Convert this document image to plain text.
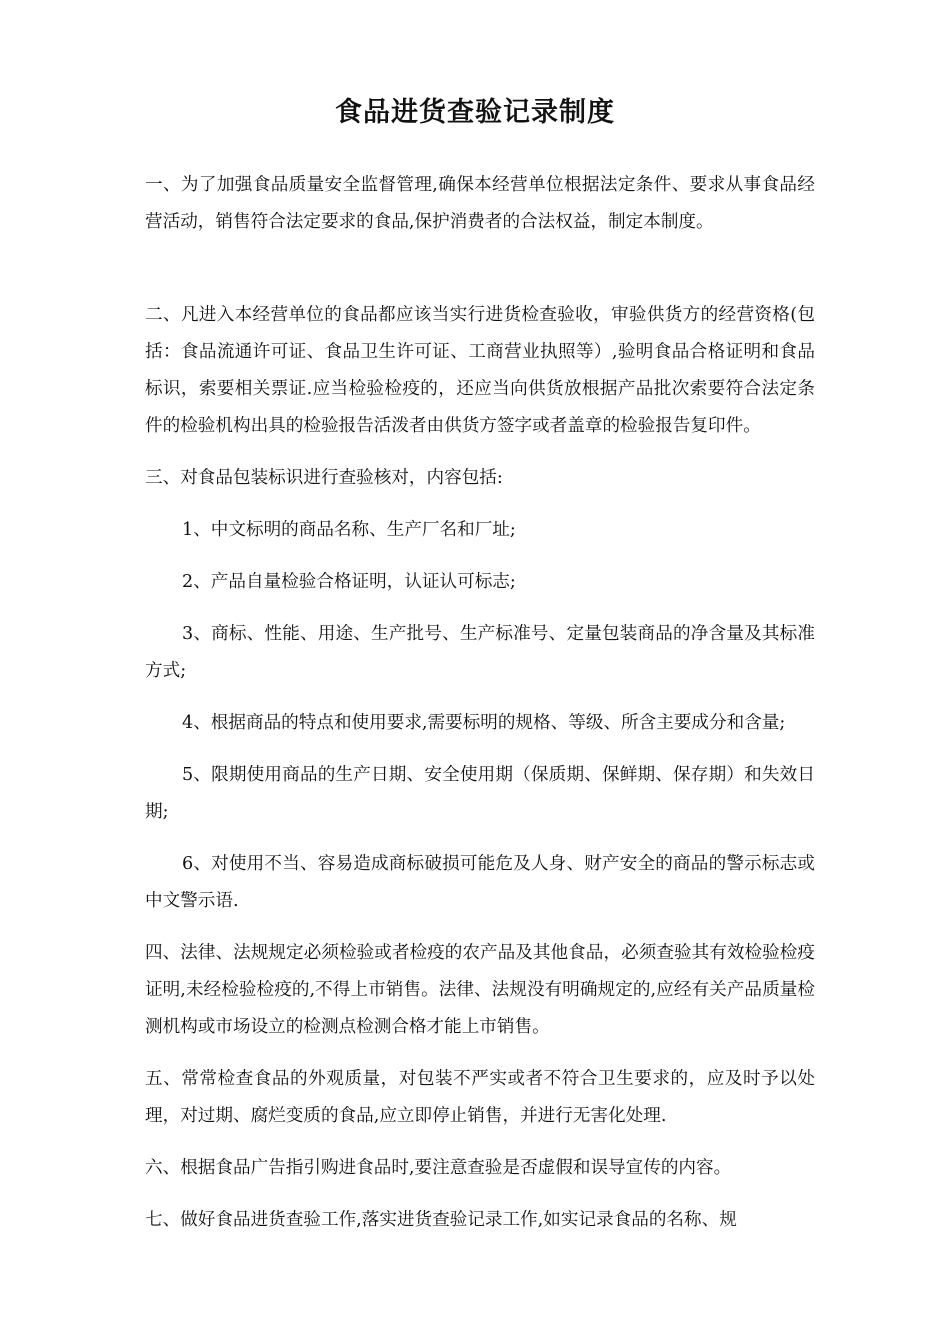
食品进货查验记录制度

一、为了加强食品质量安全监督管理,确保本经营单位根据法定条件、要求从事食品经营活动，销售符合法定要求的食品,保护消费者的合法权益，制定本制度。

二、凡进入本经营单位的食品都应该当实行进货检查验收，审验供货方的经营资格(包括：食品流通许可证、食品卫生许可证、工商营业执照等）,验明食品合格证明和食品标识，索要相关票证.应当检验检疫的，还应当向供货放根据产品批次索要符合法定条件的检验机构出具的检验报告活泼者由供货方签字或者盖章的检验报告复印件。

三、对食品包装标识进行查验核对，内容包括:

1、中文标明的商品名称、生产厂名和厂址;

2、产品自量检验合格证明，认证认可标志;

3、商标、性能、用途、生产批号、生产标准号、定量包装商品的净含量及其标准方式;

4、根据商品的特点和使用要求,需要标明的规格、等级、所含主要成分和含量;

5、限期使用商品的生产日期、安全使用期（保质期、保鲜期、保存期）和失效日期;

6、对使用不当、容易造成商标破损可能危及人身、财产安全的商品的警示标志或中文警示语.

四、法律、法规规定必须检验或者检疫的农产品及其他食品，必须查验其有效检验检疫证明,未经检验检疫的,不得上市销售。法律、法规没有明确规定的,应经有关产品质量检测机构或市场设立的检测点检测合格才能上市销售。

五、常常检查食品的外观质量，对包装不严实或者不符合卫生要求的，应及时予以处理，对过期、腐烂变质的食品,应立即停止销售，并进行无害化处理.

六、根据食品广告指引购进食品时,要注意查验是否虚假和误导宣传的内容。

七、做好食品进货查验工作,落实进货查验记录工作,如实记录食品的名称、规
